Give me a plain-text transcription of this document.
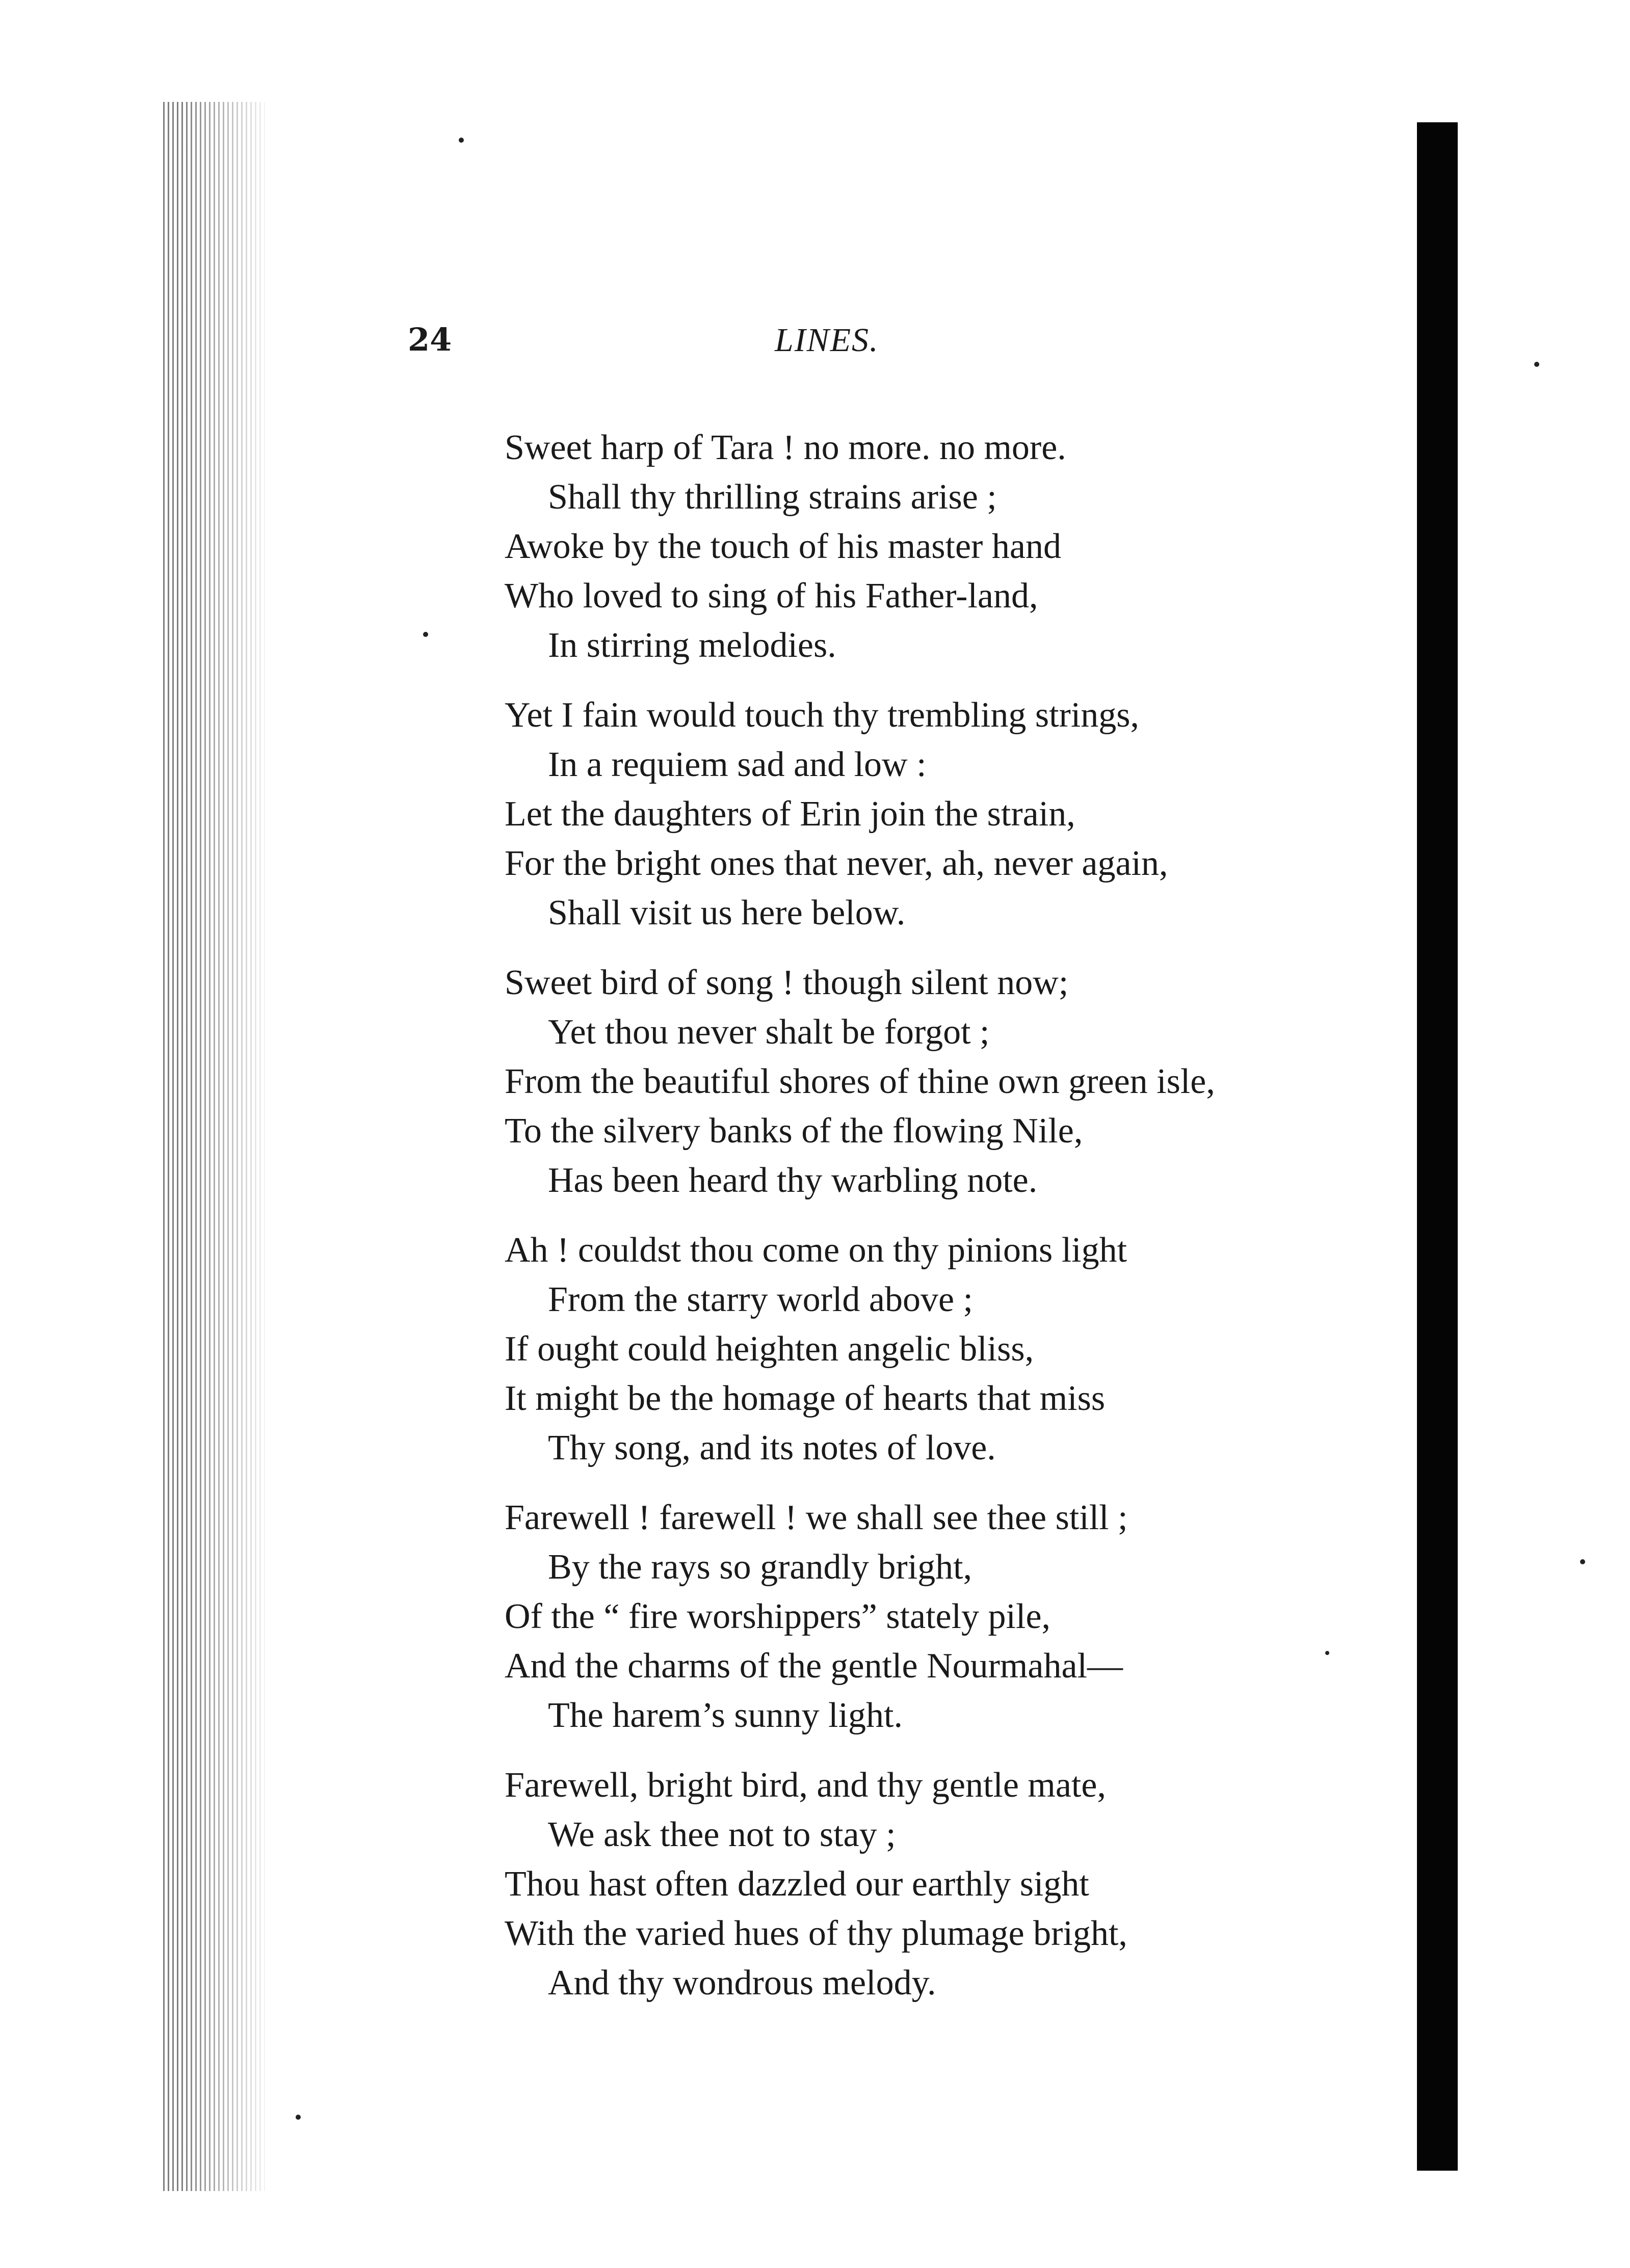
24	LINES.
Sweet harp of Tara ! no more. no more.
Shall thy thrilling strains arise ;
Awoke by the touch of his master hand
Who loved to sing of his Father-land,
In stirring melodies.
Yet I fain would touch thy trembling strings,
In a requiem sad and low :
Let the daughters of Erin join the strain,
For the bright ones that never, ah, never again,
Shall visit us here below.
Sweet bird of song ! though silent now;
Yet thou never shalt be forgot ;
From the beautiful shores of thine own green isle,
To the silvery banks of the flowing Nile,
Has been heard thy warbling note.
Ah ! couldst thou come on thy pinions light
From the starry world above ;
If ought could heighten angelic bliss,
It might be the homage of hearts that miss
Thy song, and its notes of love.
Farewell ! farewell ! we shall see thee still ;
By the rays so grandly bright,
Of the “ fire worshippers” stately pile,
And the charms of the gentle Nourmahal—
The harem’s sunny light.
Farewell, bright bird, and thy gentle mate,
We ask thee not to stay ;
Thou hast often dazzled our earthly sight
With the varied hues of thy plumage bright,
And thy wondrous melody.
